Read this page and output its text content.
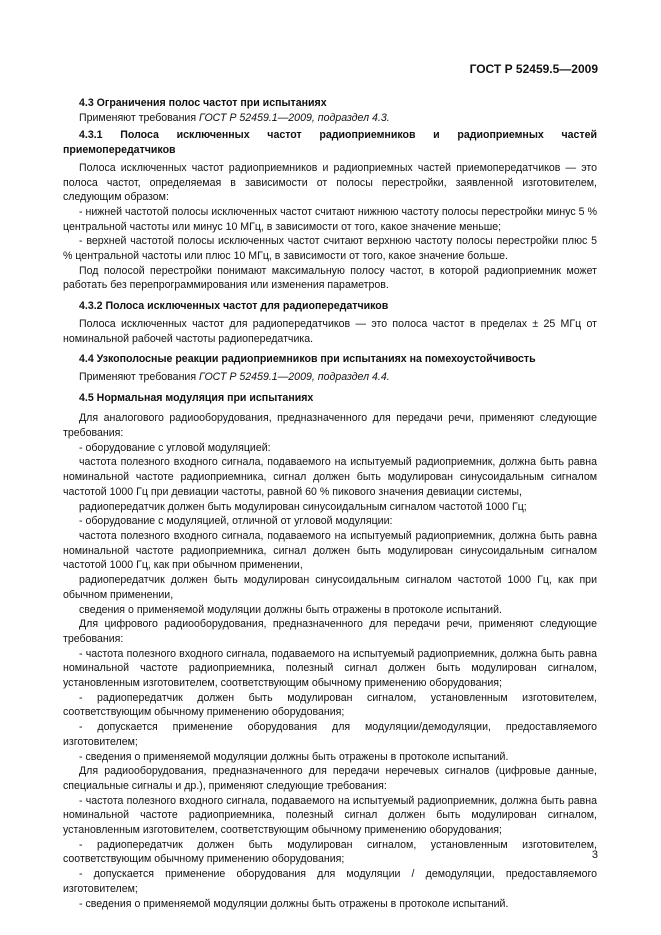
ГОСТ Р 52459.5—2009

4.3 Ограничения полос частот при испытаниях

Применяют требования ГОСТ Р 52459.1—2009, подраздел 4.3.

4.3.1 Полоса исключенных частот радиоприемников и радиоприемных частей приемопередатчиков

Полоса исключенных частот радиоприемников и радиоприемных частей приемопередатчиков — это полоса частот, определяемая в зависимости от полосы перестройки, заявленной изготовителем, следующим образом:

- нижней частотой полосы исключенных частот считают нижнюю частоту полосы перестройки минус 5 % центральной частоты или минус 10 МГц, в зависимости от того, какое значение меньше;

- верхней частотой полосы исключенных частот считают верхнюю частоту полосы перестройки плюс 5 % центральной частоты или плюс 10 МГц, в зависимости от того, какое значение больше.

Под полосой перестройки понимают максимальную полосу частот, в которой радиоприемник может работать без перепрограммирования или изменения параметров.

4.3.2 Полоса исключенных частот для радиопередатчиков

Полоса исключенных частот для радиопередатчиков — это полоса частот в пределах ± 25 МГц от номинальной рабочей частоты радиопередатчика.

4.4 Узкополосные реакции радиоприемников при испытаниях на помехоустойчивость

Применяют требования ГОСТ Р 52459.1—2009, подраздел 4.4.

4.5 Нормальная модуляция при испытаниях

Для аналогового радиооборудования, предназначенного для передачи речи, применяют следующие требования:

- оборудование с угловой модуляцией:

частота полезного входного сигнала, подаваемого на испытуемый радиоприемник, должна быть равна номинальной частоте радиоприемника, сигнал должен быть модулирован синусоидальным сигналом частотой 1000 Гц при девиации частоты, равной 60 % пикового значения девиации системы,

радиопередатчик должен быть модулирован синусоидальным сигналом частотой 1000 Гц;

- оборудование с модуляцией, отличной от угловой модуляции:

частота полезного входного сигнала, подаваемого на испытуемый радиоприемник, должна быть равна номинальной частоте радиоприемника, сигнал должен быть модулирован синусоидальным сигналом частотой 1000 Гц, как при обычном применении,

радиопередатчик должен быть модулирован синусоидальным сигналом частотой 1000 Гц, как при обычном применении,

сведения о применяемой модуляции должны быть отражены в протоколе испытаний.

Для цифрового радиооборудования, предназначенного для передачи речи, применяют следующие требования:

- частота полезного входного сигнала, подаваемого на испытуемый радиоприемник, должна быть равна номинальной частоте радиоприемника, полезный сигнал должен быть модулирован сигналом, установленным изготовителем, соответствующим обычному применению оборудования;

- радиопередатчик должен быть модулирован сигналом, установленным изготовителем, соответствующим обычному применению оборудования;

- допускается применение оборудования для модуляции/демодуляции, предоставляемого изготовителем;

- сведения о применяемой модуляции должны быть отражены в протоколе испытаний.

Для радиооборудования, предназначенного для передачи неречевых сигналов (цифровые данные, специальные сигналы и др.), применяют следующие требования:

- частота полезного входного сигнала, подаваемого на испытуемый радиоприемник, должна быть равна номинальной частоте радиоприемника, полезный сигнал должен быть модулирован сигналом, установленным изготовителем, соответствующим обычному применению оборудования;

- радиопередатчик должен быть модулирован сигналом, установленным изготовителем, соответствующим обычному применению оборудования;

- допускается применение оборудования для модуляции / демодуляции, предоставляемого изготовителем;

- сведения о применяемой модуляции должны быть отражены в протоколе испытаний.

3
